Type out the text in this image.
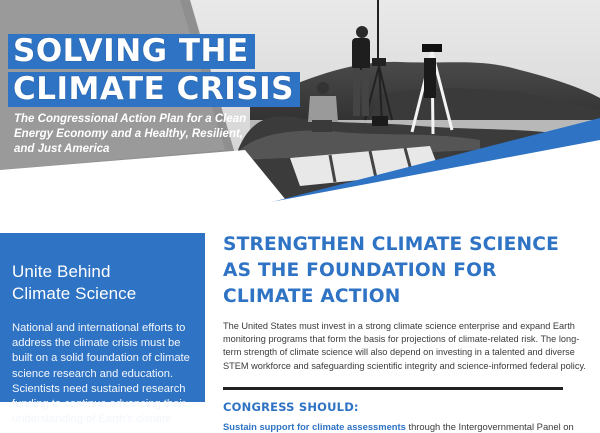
SOLVING THE
CLIMATE CRISIS
The Congressional Action Plan for a Clean Energy Economy and a Healthy, Resilient, and Just America
Unite Behind
Climate Science
National and international efforts to address the climate crisis must be built on a solid foundation of climate science research and education. Scientists need sustained research funding to continue advancing their understanding of Earth's climate
STRENGTHEN CLIMATE SCIENCE AS THE FOUNDATION FOR CLIMATE ACTION
The United States must invest in a strong climate science enterprise and expand Earth monitoring programs that form the basis for projections of climate-related risk. The long-term strength of climate science will also depend on investing in a talented and diverse STEM workforce and safeguarding scientific integrity and science-informed federal policy.
CONGRESS SHOULD:
Sustain support for climate assessments through the Intergovernmental Panel on
